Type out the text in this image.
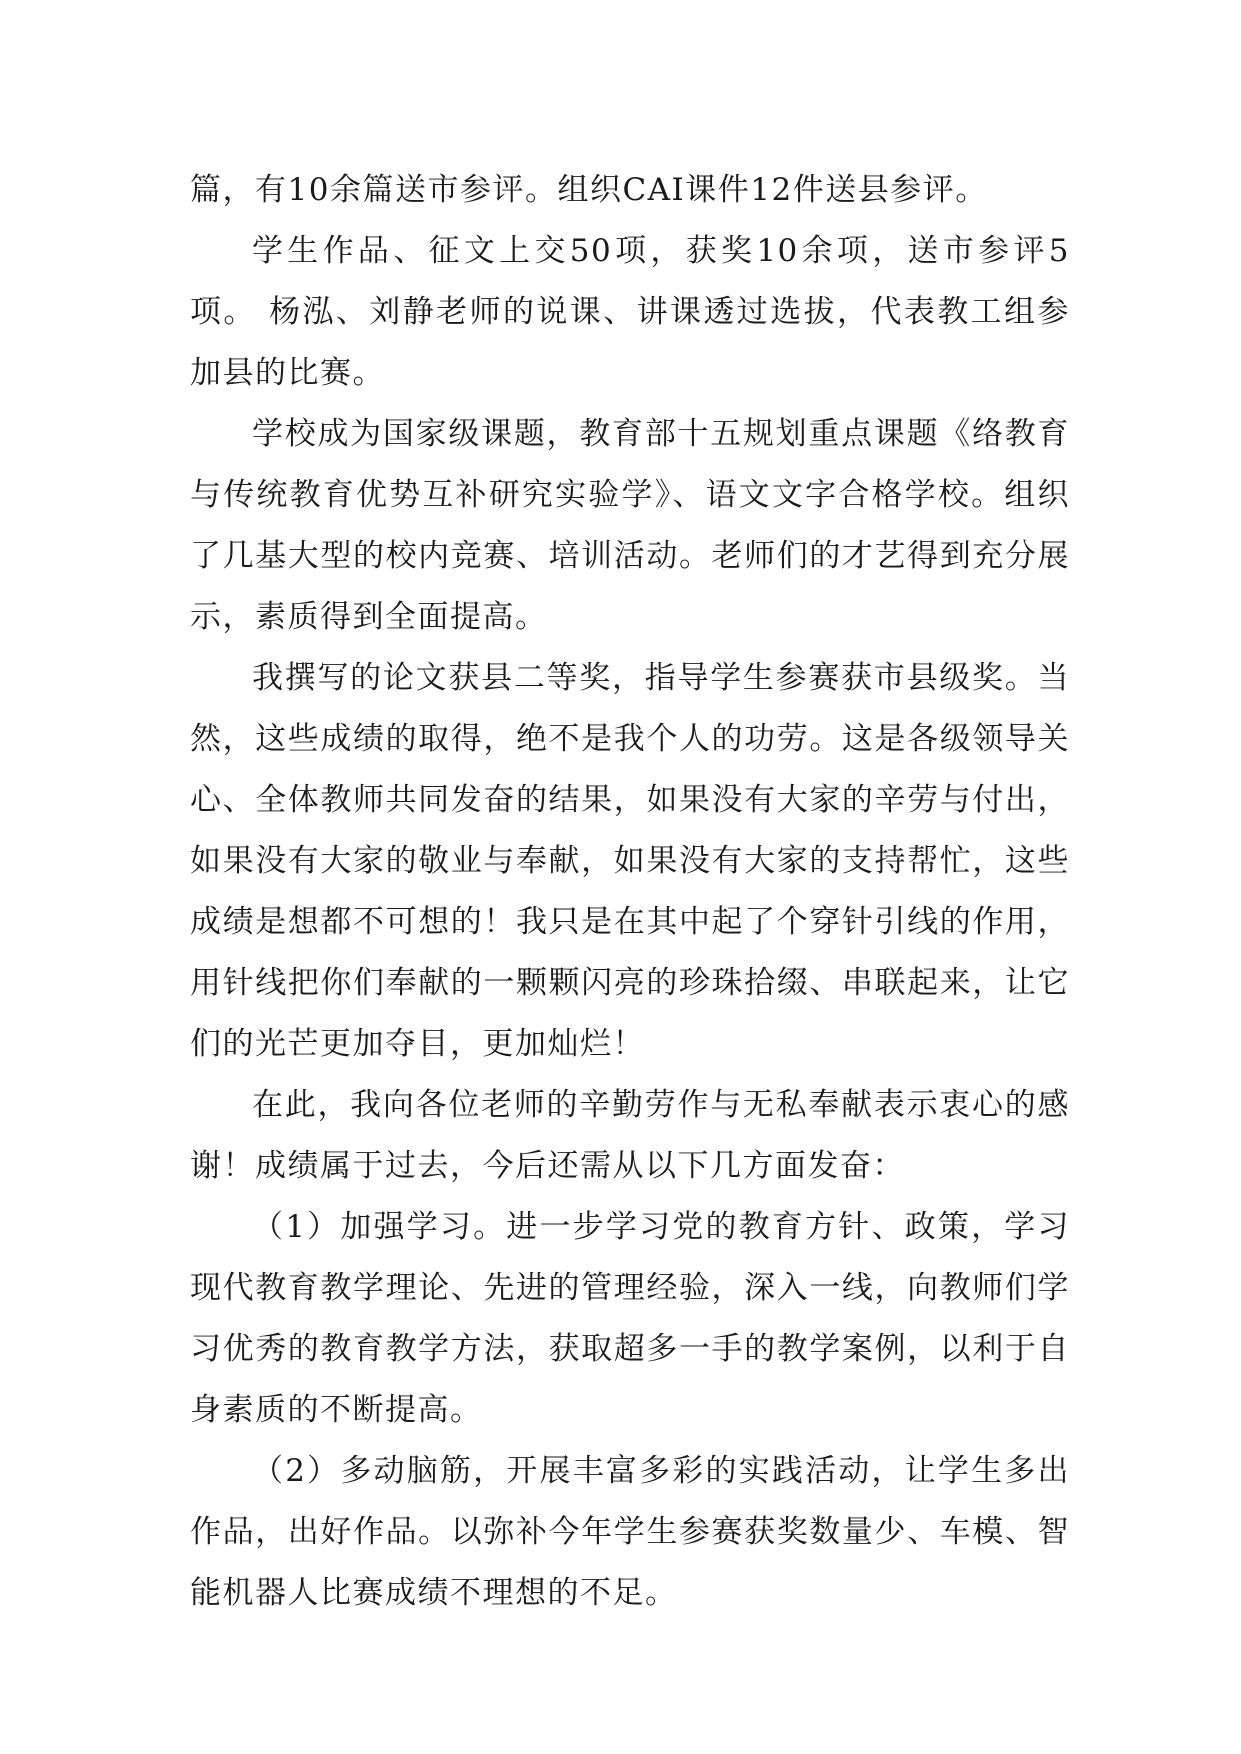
篇，有10余篇送市参评。组织CAI课件12件送县参评。

学生作品、征文上交50项，获奖10余项，送市参评5项。 杨泓、刘静老师的说课、讲课透过选拔，代表教工组参加县的比赛。

学校成为国家级课题，教育部十五规划重点课题《络教育与传统教育优势互补研究实验学》、语文文字合格学校。组织了几基大型的校内竞赛、培训活动。老师们的才艺得到充分展示，素质得到全面提高。

我撰写的论文获县二等奖，指导学生参赛获市县级奖。当然，这些成绩的取得，绝不是我个人的功劳。这是各级领导关心、全体教师共同发奋的结果，如果没有大家的辛劳与付出，如果没有大家的敬业与奉献，如果没有大家的支持帮忙，这些成绩是想都不可想的！我只是在其中起了个穿针引线的作用，用针线把你们奉献的一颗颗闪亮的珍珠拾缀、串联起来，让它们的光芒更加夺目，更加灿烂！

在此，我向各位老师的辛勤劳作与无私奉献表示衷心的感谢！成绩属于过去，今后还需从以下几方面发奋：

（1）加强学习。进一步学习党的教育方针、政策，学习现代教育教学理论、先进的管理经验，深入一线，向教师们学习优秀的教育教学方法，获取超多一手的教学案例，以利于自身素质的不断提高。

（2）多动脑筋，开展丰富多彩的实践活动，让学生多出作品，出好作品。以弥补今年学生参赛获奖数量少、车模、智能机器人比赛成绩不理想的不足。
